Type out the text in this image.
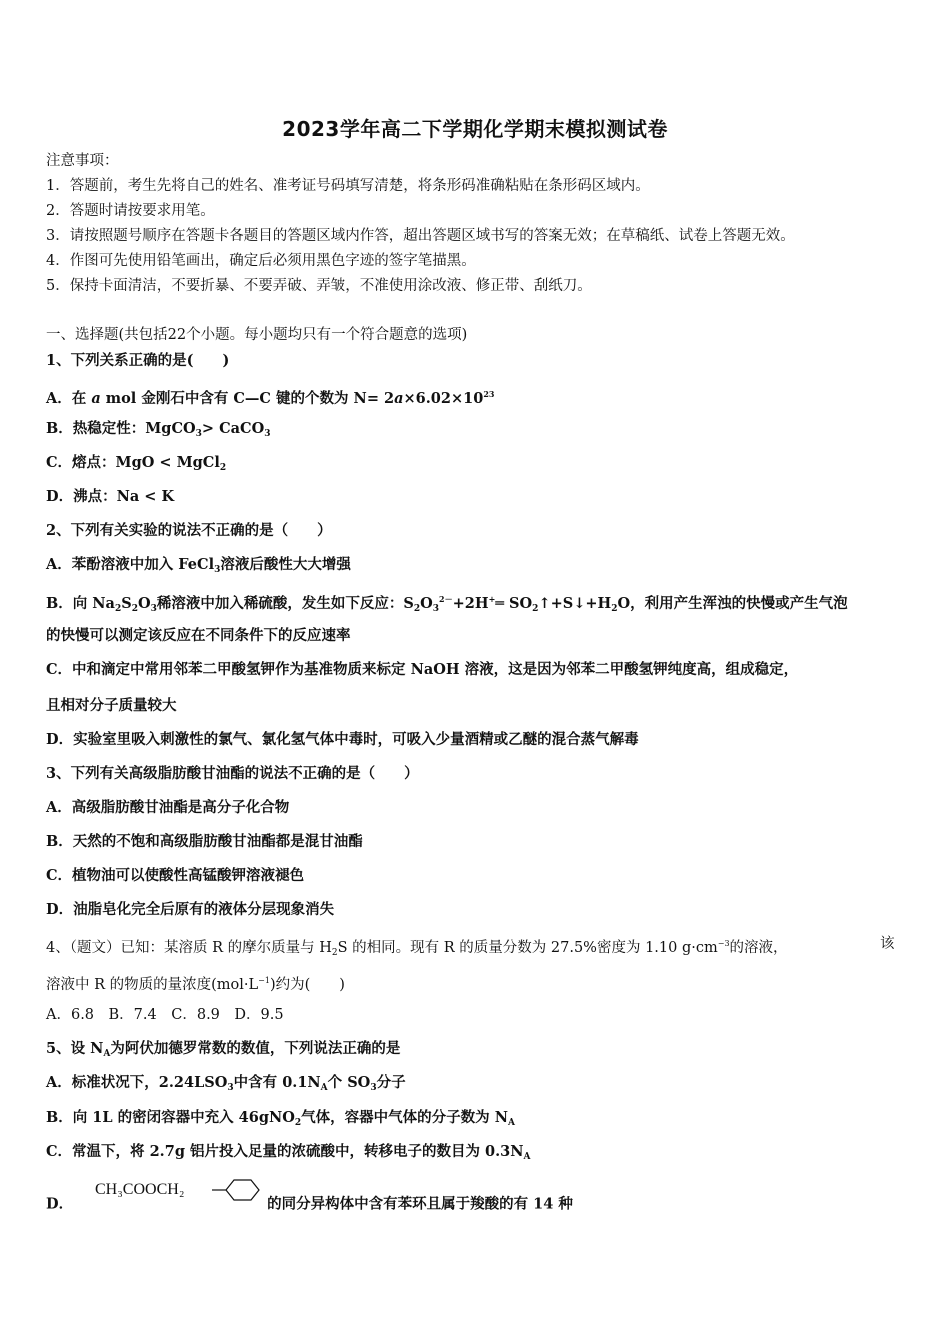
2023学年高二下学期化学期末模拟测试卷
注意事项：
1．答题前，考生先将自己的姓名、准考证号码填写清楚，将条形码准确粘贴在条形码区域内。
2．答题时请按要求用笔。
3．请按照题号顺序在答题卡各题目的答题区域内作答，超出答题区域书写的答案无效；在草稿纸、试卷上答题无效。
4．作图可先使用铅笔画出，确定后必须用黑色字迹的签字笔描黑。
5．保持卡面清洁，不要折暴、不要弄破、弄皱，不准使用涂改液、修正带、刮纸刀。
一、选择题(共包括22个小题。每小题均只有一个符合题意的选项)
1、下列关系正确的是(　　)
A．在 a mol 金刚石中含有 C—C 键的个数为 $N= 2a\times 6.02\times 10^{23}$
B．热稳定性：MgCO$_3$> CaCO$_3$
C．熔点：MgO < MgCl$_2$
D．沸点：Na < K
2、下列有关实验的说法不正确的是（　　）
A．苯酚溶液中加入 FeCl$_3$溶液后酸性大大增强
B．向 $Na_2S_2O_3$稀溶液中加入稀硫酸，发生如下反应：$S_2O_3^{2-}+2H^+═$ $SO_2↑+S↓+H_2O$，利用产生浑浊的快慢或产生气泡
的快慢可以测定该反应在不同条件下的反应速率
C．中和滴定中常用邻苯二甲酸氢钾作为基准物质来标定 NaOH 溶液，这是因为邻苯二甲酸氢钾纯度高，组成稳定，
且相对分子质量较大
D．实验室里吸入刺激性的氯气、氯化氢气体中毒时，可吸入少量酒精或乙醚的混合蒸气解毒
3、下列有关高级脂肪酸甘油酯的说法不正确的是（　　）
A．高级脂肪酸甘油酯是高分子化合物
B．天然的不饱和高级脂肪酸甘油酯都是混甘油酯
C．植物油可以使酸性高锰酸钾溶液褪色
D．油脂皂化完全后原有的液体分层现象消失
4、（题文）已知：某溶质 R 的摩尔质量与 $H_2S$ 的相同。现有 R 的质量分数为 27.5%密度为 1.10 $g\cdot cm^{-3}$的溶液，	该
溶液中 R 的物质的量浓度$(mol\cdot L^{-1})$约为(　　)
A．6.8　B．7.4　C．8.9　D．9.5
5、设 $N_A$为阿伏加德罗常数的数值，下列说法正确的是
A．标准状况下，$2.24LSO_3$中含有 $0.1N_A$个 $SO_3$分子
B．向 1L 的密闭容器中充入 46gNO$_2$气体，容器中气体的分子数为 $N_A$
C．常温下，将 2.7g 铝片投入足量的浓硫酸中，转移电子的数目为 $0.3N_A$
D．
CH₃COOCH₂
的同分异构体中含有苯环且属于羧酸的有 14 种
